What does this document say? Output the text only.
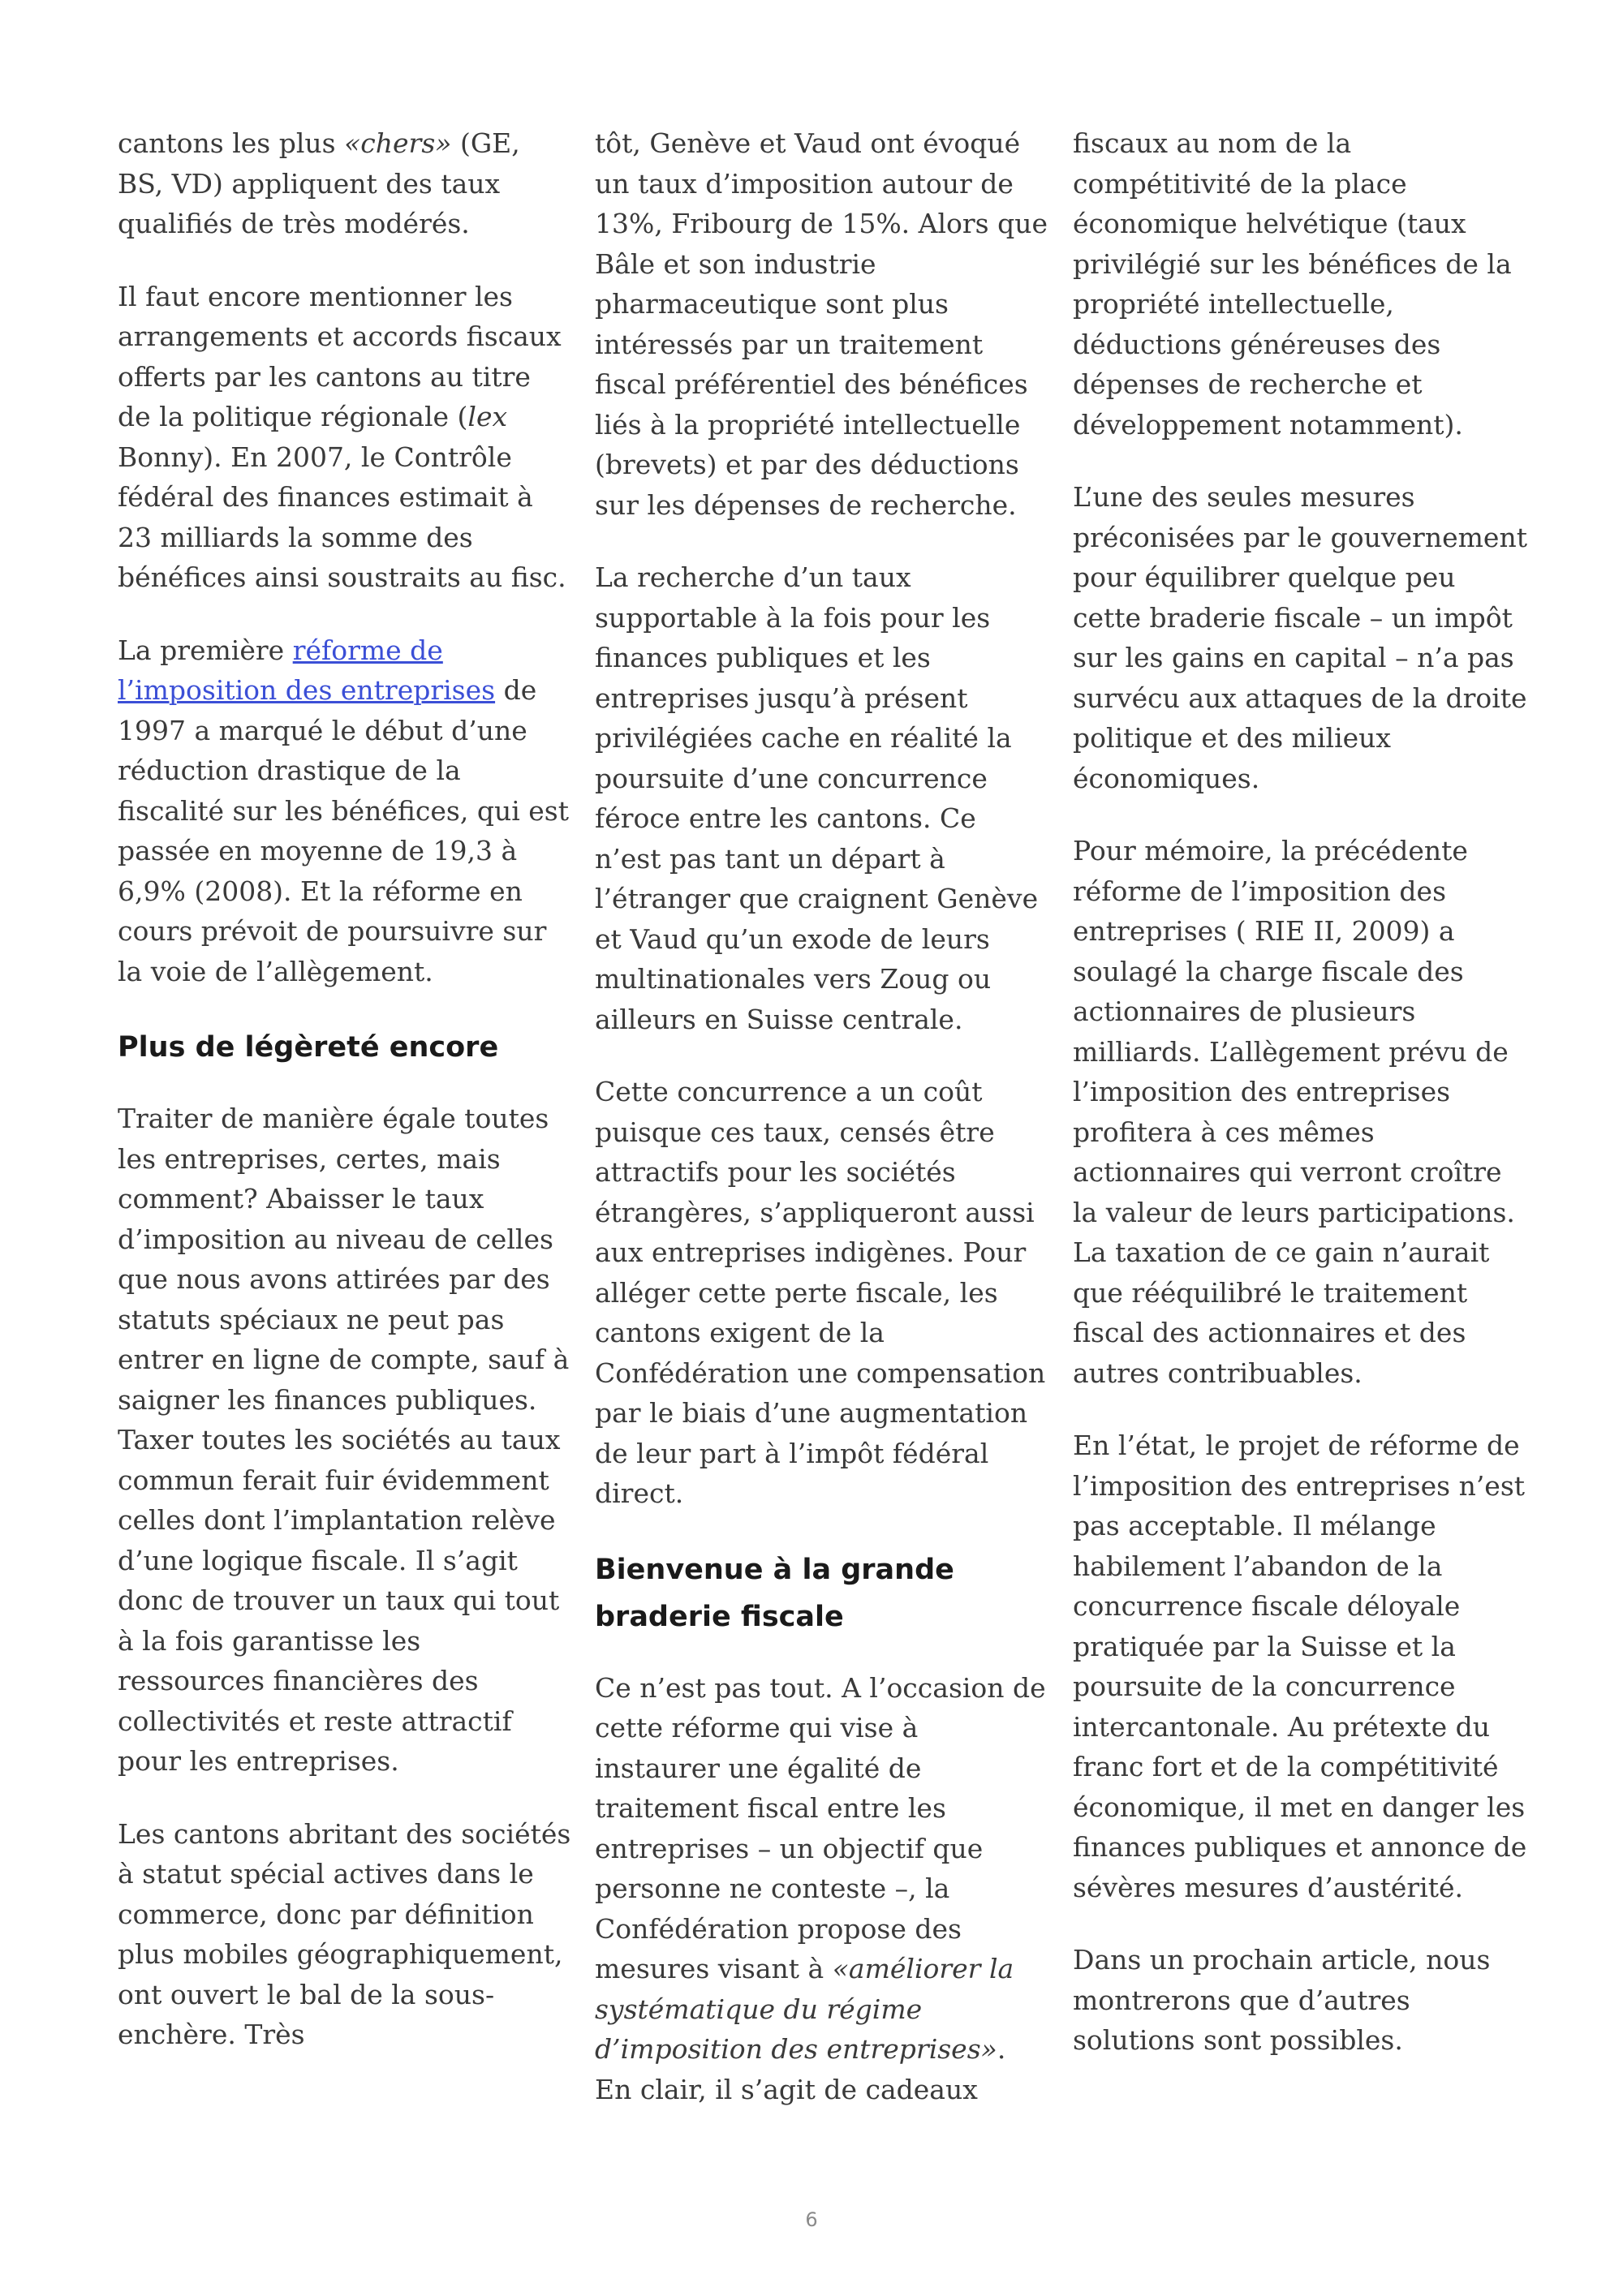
cantons les plus «chers» (GE, BS, VD) appliquent des taux qualifiés de très modérés.

Il faut encore mentionner les arrangements et accords fiscaux offerts par les cantons au titre de la politique régionale (lex Bonny). En 2007, le Contrôle fédéral des finances estimait à 23 milliards la somme des bénéfices ainsi soustraits au fisc.

La première réforme de l’imposition des entreprises de 1997 a marqué le début d’une réduction drastique de la fiscalité sur les bénéfices, qui est passée en moyenne de 19,3 à 6,9% (2008). Et la réforme en cours prévoit de poursuivre sur la voie de l’allègement.

Plus de légèreté encore

Traiter de manière égale toutes les entreprises, certes, mais comment? Abaisser le taux d’imposition au niveau de celles que nous avons attirées par des statuts spéciaux ne peut pas entrer en ligne de compte, sauf à saigner les finances publiques. Taxer toutes les sociétés au taux commun ferait fuir évidemment celles dont l’implantation relève d’une logique fiscale. Il s’agit donc de trouver un taux qui tout à la fois garantisse les ressources financières des collectivités et reste attractif pour les entreprises.

Les cantons abritant des sociétés à statut spécial actives dans le commerce, donc par définition plus mobiles géographiquement, ont ouvert le bal de la sous-enchère. Très

tôt, Genève et Vaud ont évoqué un taux d’imposition autour de 13%, Fribourg de 15%. Alors que Bâle et son industrie pharmaceutique sont plus intéressés par un traitement fiscal préférentiel des bénéfices liés à la propriété intellectuelle (brevets) et par des déductions sur les dépenses de recherche.

La recherche d’un taux supportable à la fois pour les finances publiques et les entreprises jusqu’à présent privilégiées cache en réalité la poursuite d’une concurrence féroce entre les cantons. Ce n’est pas tant un départ à l’étranger que craignent Genève et Vaud qu’un exode de leurs multinationales vers Zoug ou ailleurs en Suisse centrale.

Cette concurrence a un coût puisque ces taux, censés être attractifs pour les sociétés étrangères, s’appliqueront aussi aux entreprises indigènes. Pour alléger cette perte fiscale, les cantons exigent de la Confédération une compensation par le biais d’une augmentation de leur part à l’impôt fédéral direct.

Bienvenue à la grande braderie fiscale

Ce n’est pas tout. A l’occasion de cette réforme qui vise à instaurer une égalité de traitement fiscal entre les entreprises – un objectif que personne ne conteste –, la Confédération propose des mesures visant à «améliorer la systématique du régime d’imposition des entreprises». En clair, il s’agit de cadeaux

fiscaux au nom de la compétitivité de la place économique helvétique (taux privilégié sur les bénéfices de la propriété intellectuelle, déductions généreuses des dépenses de recherche et développement notamment).

L’une des seules mesures préconisées par le gouvernement pour équilibrer quelque peu cette braderie fiscale – un impôt sur les gains en capital – n’a pas survécu aux attaques de la droite politique et des milieux économiques.

Pour mémoire, la précédente réforme de l’imposition des entreprises ( RIE II, 2009) a soulagé la charge fiscale des actionnaires de plusieurs milliards. L’allègement prévu de l’imposition des entreprises profitera à ces mêmes actionnaires qui verront croître la valeur de leurs participations. La taxation de ce gain n’aurait que rééquilibré le traitement fiscal des actionnaires et des autres contribuables.

En l’état, le projet de réforme de l’imposition des entreprises n’est pas acceptable. Il mélange habilement l’abandon de la concurrence fiscale déloyale pratiquée par la Suisse et la poursuite de la concurrence intercantonale. Au prétexte du franc fort et de la compétitivité économique, il met en danger les finances publiques et annonce de sévères mesures d’austérité.

Dans un prochain article, nous montrerons que d’autres solutions sont possibles.

6
